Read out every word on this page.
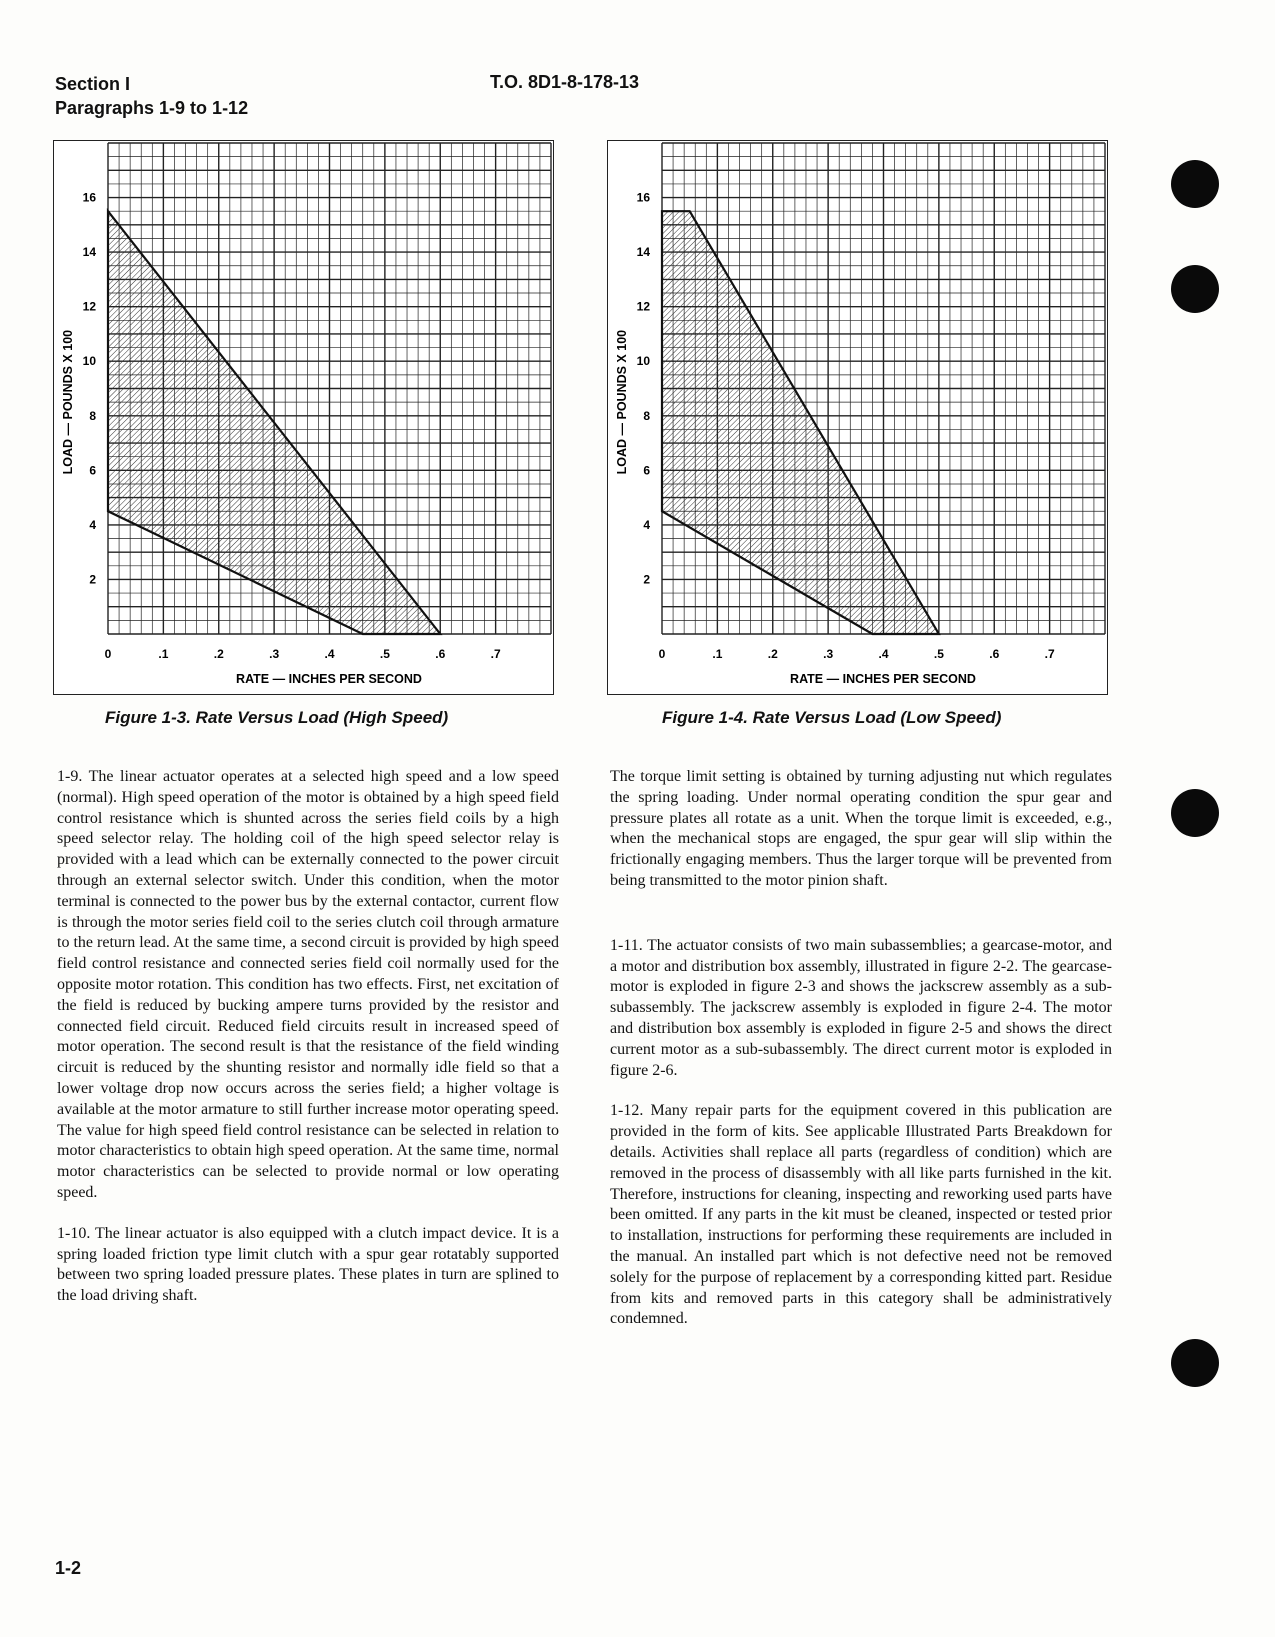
Section I
Paragraphs 1-9 to 1-12
T.O. 8D1-8-178-13
0	.1	.2	.3	.4	.5	.6	.7
2
4
6
8
10
12
14
16
RATE — INCHES PER SECOND
LOAD — POUNDS X 100
0	.1	.2	.3	.4	.5	.6	.7
2
4
6
8
10
12
14
16
RATE — INCHES PER SECOND
LOAD — POUNDS X 100
Figure 1-3. Rate Versus Load (High Speed)	Figure 1-4. Rate Versus Load (Low Speed)

1-9. The linear actuator operates at a selected high speed and a low speed (normal). High speed operation of the motor is obtained by a high speed field control resistance which is shunted across the series field coils by a high speed selector relay. The holding coil of the high speed selector relay is provided with a lead which can be externally connected to the power circuit through an external selector switch. Under this condition, when the motor terminal is connected to the power bus by the external contactor, current flow is through the motor series field coil to the series clutch coil through armature to the return lead. At the same time, a second circuit is provided by high speed field control resistance and connected series field coil normally used for the opposite motor rotation. This condition has two effects. First, net excitation of the field is reduced by bucking ampere turns provided by the resistor and connected field circuit. Reduced field circuits result in increased speed of motor operation. The second result is that the resistance of the field winding circuit is reduced by the shunting resistor and normally idle field so that a lower voltage drop now occurs across the series field; a higher voltage is available at the motor armature to still further increase motor operating speed. The value for high speed field control resistance can be selected in relation to motor characteristics to obtain high speed operation. At the same time, normal motor characteristics can be selected to provide normal or low operating speed.

1-10. The linear actuator is also equipped with a clutch impact device. It is a spring loaded friction type limit clutch with a spur gear rotatably supported between two spring loaded pressure plates. These plates in turn are splined to the load driving shaft.

The torque limit setting is obtained by turning adjusting nut which regulates the spring loading. Under normal operating condition the spur gear and pressure plates all rotate as a unit. When the torque limit is exceeded, e.g., when the mechanical stops are engaged, the spur gear will slip within the frictionally engaging members. Thus the larger torque will be prevented from being transmitted to the motor pinion shaft.

1-11. The actuator consists of two main subassemblies; a gearcase-motor, and a motor and distribution box assembly, illustrated in figure 2-2. The gearcase-motor is exploded in figure 2-3 and shows the jackscrew assembly as a sub-subassembly. The jackscrew assembly is exploded in figure 2-4. The motor and distribution box assembly is exploded in figure 2-5 and shows the direct current motor as a sub-subassembly. The direct current motor is exploded in figure 2-6.

1-12. Many repair parts for the equipment covered in this publication are provided in the form of kits. See applicable Illustrated Parts Breakdown for details. Activities shall replace all parts (regardless of condition) which are removed in the process of disassembly with all like parts furnished in the kit. Therefore, instructions for cleaning, inspecting and reworking used parts have been omitted. If any parts in the kit must be cleaned, inspected or tested prior to installation, instructions for performing these requirements are included in the manual. An installed part which is not defective need not be removed solely for the purpose of replacement by a corresponding kitted part. Residue from kits and removed parts in this category shall be administratively condemned.

1-2
